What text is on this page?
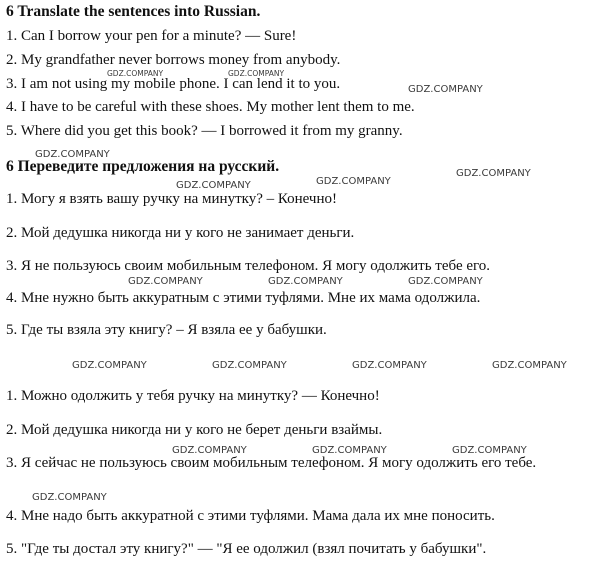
6 Translate the sentences into Russian.
1. Can I borrow your pen for a minute? — Sure!
2. My grandfather never borrows money from anybody.
3. I am not using my mobile phone. I can lend it to you.
4. I have to be careful with these shoes. My mother lent them to me.
5. Where did you get this book? — I borrowed it from my granny.
6 Переведите предложения на русский.
1. Могу я взять вашу ручку на минутку? – Конечно!
2. Мой дедушка никогда ни у кого не занимает деньги.
3. Я не пользуюсь своим мобильным телефоном. Я могу одолжить тебе его.
4. Мне нужно быть аккуратным с этими туфлями. Мне их мама одолжила.
5. Где ты взяла эту книгу? – Я взяла ее у бабушки.
1. Можно одолжить у тебя ручку на минутку? — Конечно!
2. Мой дедушка никогда ни у кого не берет деньги взаймы.
3. Я сейчас не пользуюсь своим мобильным телефоном. Я могу одолжить его тебе.
4. Мне надо быть аккуратной с этими туфлями. Мама дала их мне поносить.
5. "Где ты достал эту книгу?" — "Я ее одолжил (взял почитать у бабушки".
GDZ.COMPANY	GDZ.COMPANY
GDZ.COMPANY
GDZ.COMPANY
GDZ.COMPANY	GDZ.COMPANY
GDZ.COMPANY
GDZ.COMPANY	GDZ.COMPANY	GDZ.COMPANY
GDZ.COMPANY	GDZ.COMPANY	GDZ.COMPANY	GDZ.COMPANY
GDZ.COMPANY	GDZ.COMPANY	GDZ.COMPANY
GDZ.COMPANY
